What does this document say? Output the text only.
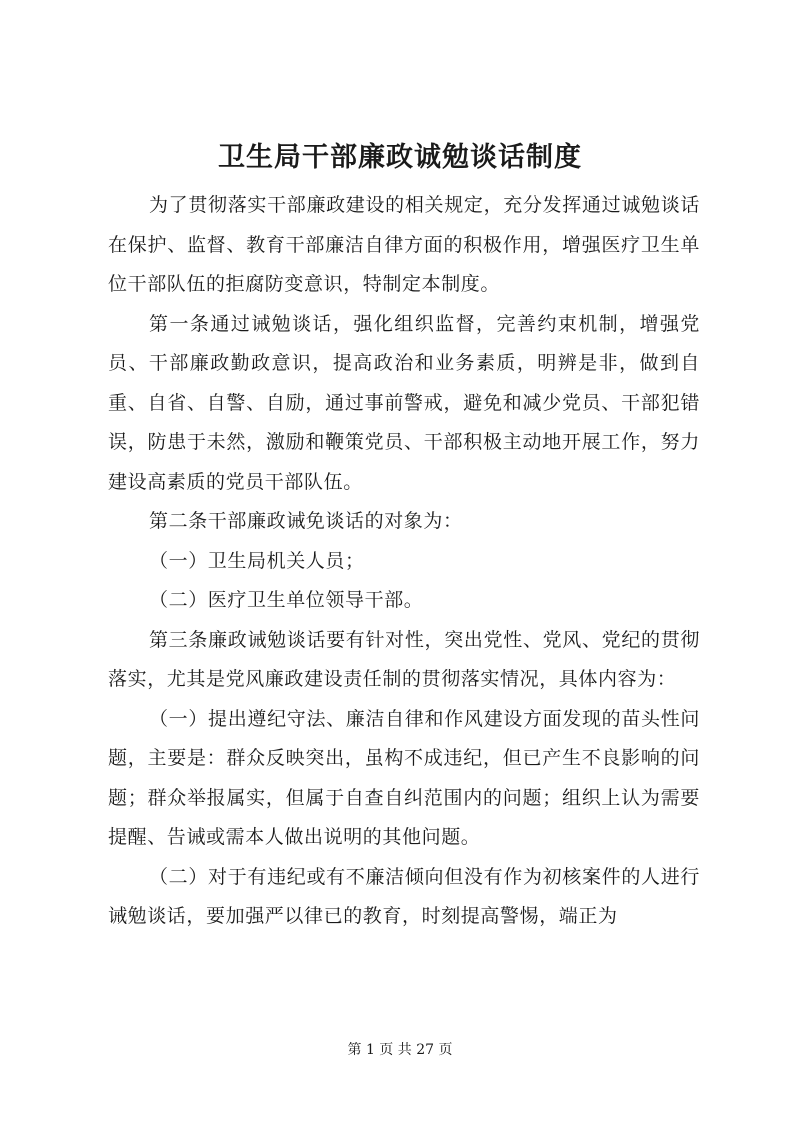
卫生局干部廉政诚勉谈话制度

为了贯彻落实干部廉政建设的相关规定，充分发挥通过诚勉谈话在保护、监督、教育干部廉洁自律方面的积极作用，增强医疗卫生单位干部队伍的拒腐防变意识，特制定本制度。

第一条通过诫勉谈话，强化组织监督，完善约束机制，增强党员、干部廉政勤政意识，提高政治和业务素质，明辨是非，做到自重、自省、自警、自励，通过事前警戒，避免和减少党员、干部犯错误，防患于未然，激励和鞭策党员、干部积极主动地开展工作，努力建设高素质的党员干部队伍。

第二条干部廉政诫免谈话的对象为：

（一）卫生局机关人员；

（二）医疗卫生单位领导干部。

第三条廉政诫勉谈话要有针对性，突出党性、党风、党纪的贯彻落实，尤其是党风廉政建设责任制的贯彻落实情况，具体内容为：

（一）提出遵纪守法、廉洁自律和作风建设方面发现的苗头性问题，主要是：群众反映突出，虽构不成违纪，但已产生不良影响的问题；群众举报属实，但属于自查自纠范围内的问题；组织上认为需要提醒、告诫或需本人做出说明的其他问题。

（二）对于有违纪或有不廉洁倾向但没有作为初核案件的人进行诫勉谈话，要加强严以律已的教育，时刻提高警惕，端正为

第 1 页 共 27 页
